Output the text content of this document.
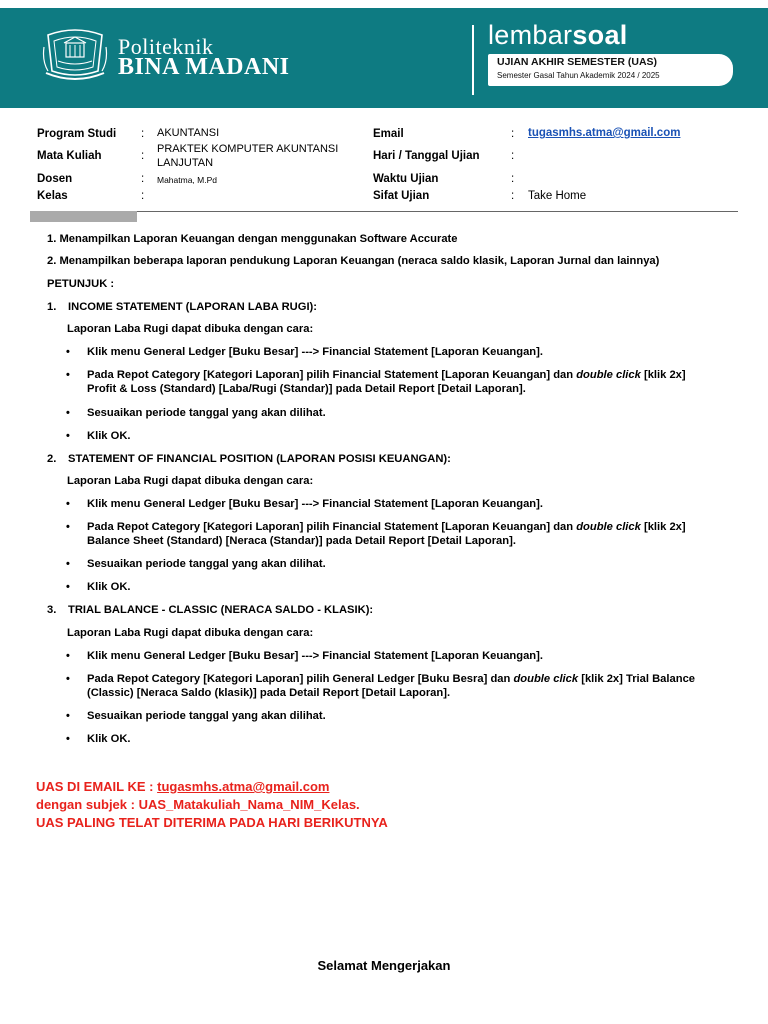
Politeknik
BINA MADANI
lembarsoal
UJIAN AKHIR SEMESTER (UAS)
Semester Gasal Tahun Akademik 2024 / 2025
Program Studi : AKUNTANSI
Mata Kuliah	:
PRAKTEK KOMPUTER AKUNTANSI
LANJUTAN
Dosen	: Mahatma, M.Pd
Kelas	:
Email	: tugasmhs.atma@gmail.com
Hari / Tanggal Ujian	:
Waktu Ujian	:
Sifat Ujian	: Take Home
1. Menampilkan Laporan Keuangan dengan menggunakan Software Accurate
2. Menampilkan beberapa laporan pendukung Laporan Keuangan (neraca saldo klasik, Laporan Jurnal dan lainnya)
PETUNJUK :
1. INCOME STATEMENT (LAPORAN LABA RUGI):
Laporan Laba Rugi dapat dibuka dengan cara:
• Klik menu General Ledger [Buku Besar] ---> Financial Statement [Laporan Keuangan].
• Pada Repot Category [Kategori Laporan] pilih Financial Statement [Laporan Keuangan] dan double click [klik 2x]
Profit & Loss (Standard) [Laba/Rugi (Standar)] pada Detail Report [Detail Laporan].
• Sesuaikan periode tanggal yang akan dilihat.
• Klik OK.
2. STATEMENT OF FINANCIAL POSITION (LAPORAN POSISI KEUANGAN):
Laporan Laba Rugi dapat dibuka dengan cara:
• Klik menu General Ledger [Buku Besar] ---> Financial Statement [Laporan Keuangan].
• Pada Repot Category [Kategori Laporan] pilih Financial Statement [Laporan Keuangan] dan double click [klik 2x]
Balance Sheet (Standard) [Neraca (Standar)] pada Detail Report [Detail Laporan].
• Sesuaikan periode tanggal yang akan dilihat.
• Klik OK.
3. TRIAL BALANCE - CLASSIC (NERACA SALDO - KLASIK):
Laporan Laba Rugi dapat dibuka dengan cara:
• Klik menu General Ledger [Buku Besar] ---> Financial Statement [Laporan Keuangan].
• Pada Repot Category [Kategori Laporan] pilih General Ledger [Buku Besra] dan double click [klik 2x] Trial Balance
(Classic) [Neraca Saldo (klasik)] pada Detail Report [Detail Laporan].
• Sesuaikan periode tanggal yang akan dilihat.
• Klik OK.
UAS DI EMAIL KE : tugasmhs.atma@gmail.com
dengan subjek : UAS_Matakuliah_Nama_NIM_Kelas.
UAS PALING TELAT DITERIMA PADA HARI BERIKUTNYA
Selamat Mengerjakan
